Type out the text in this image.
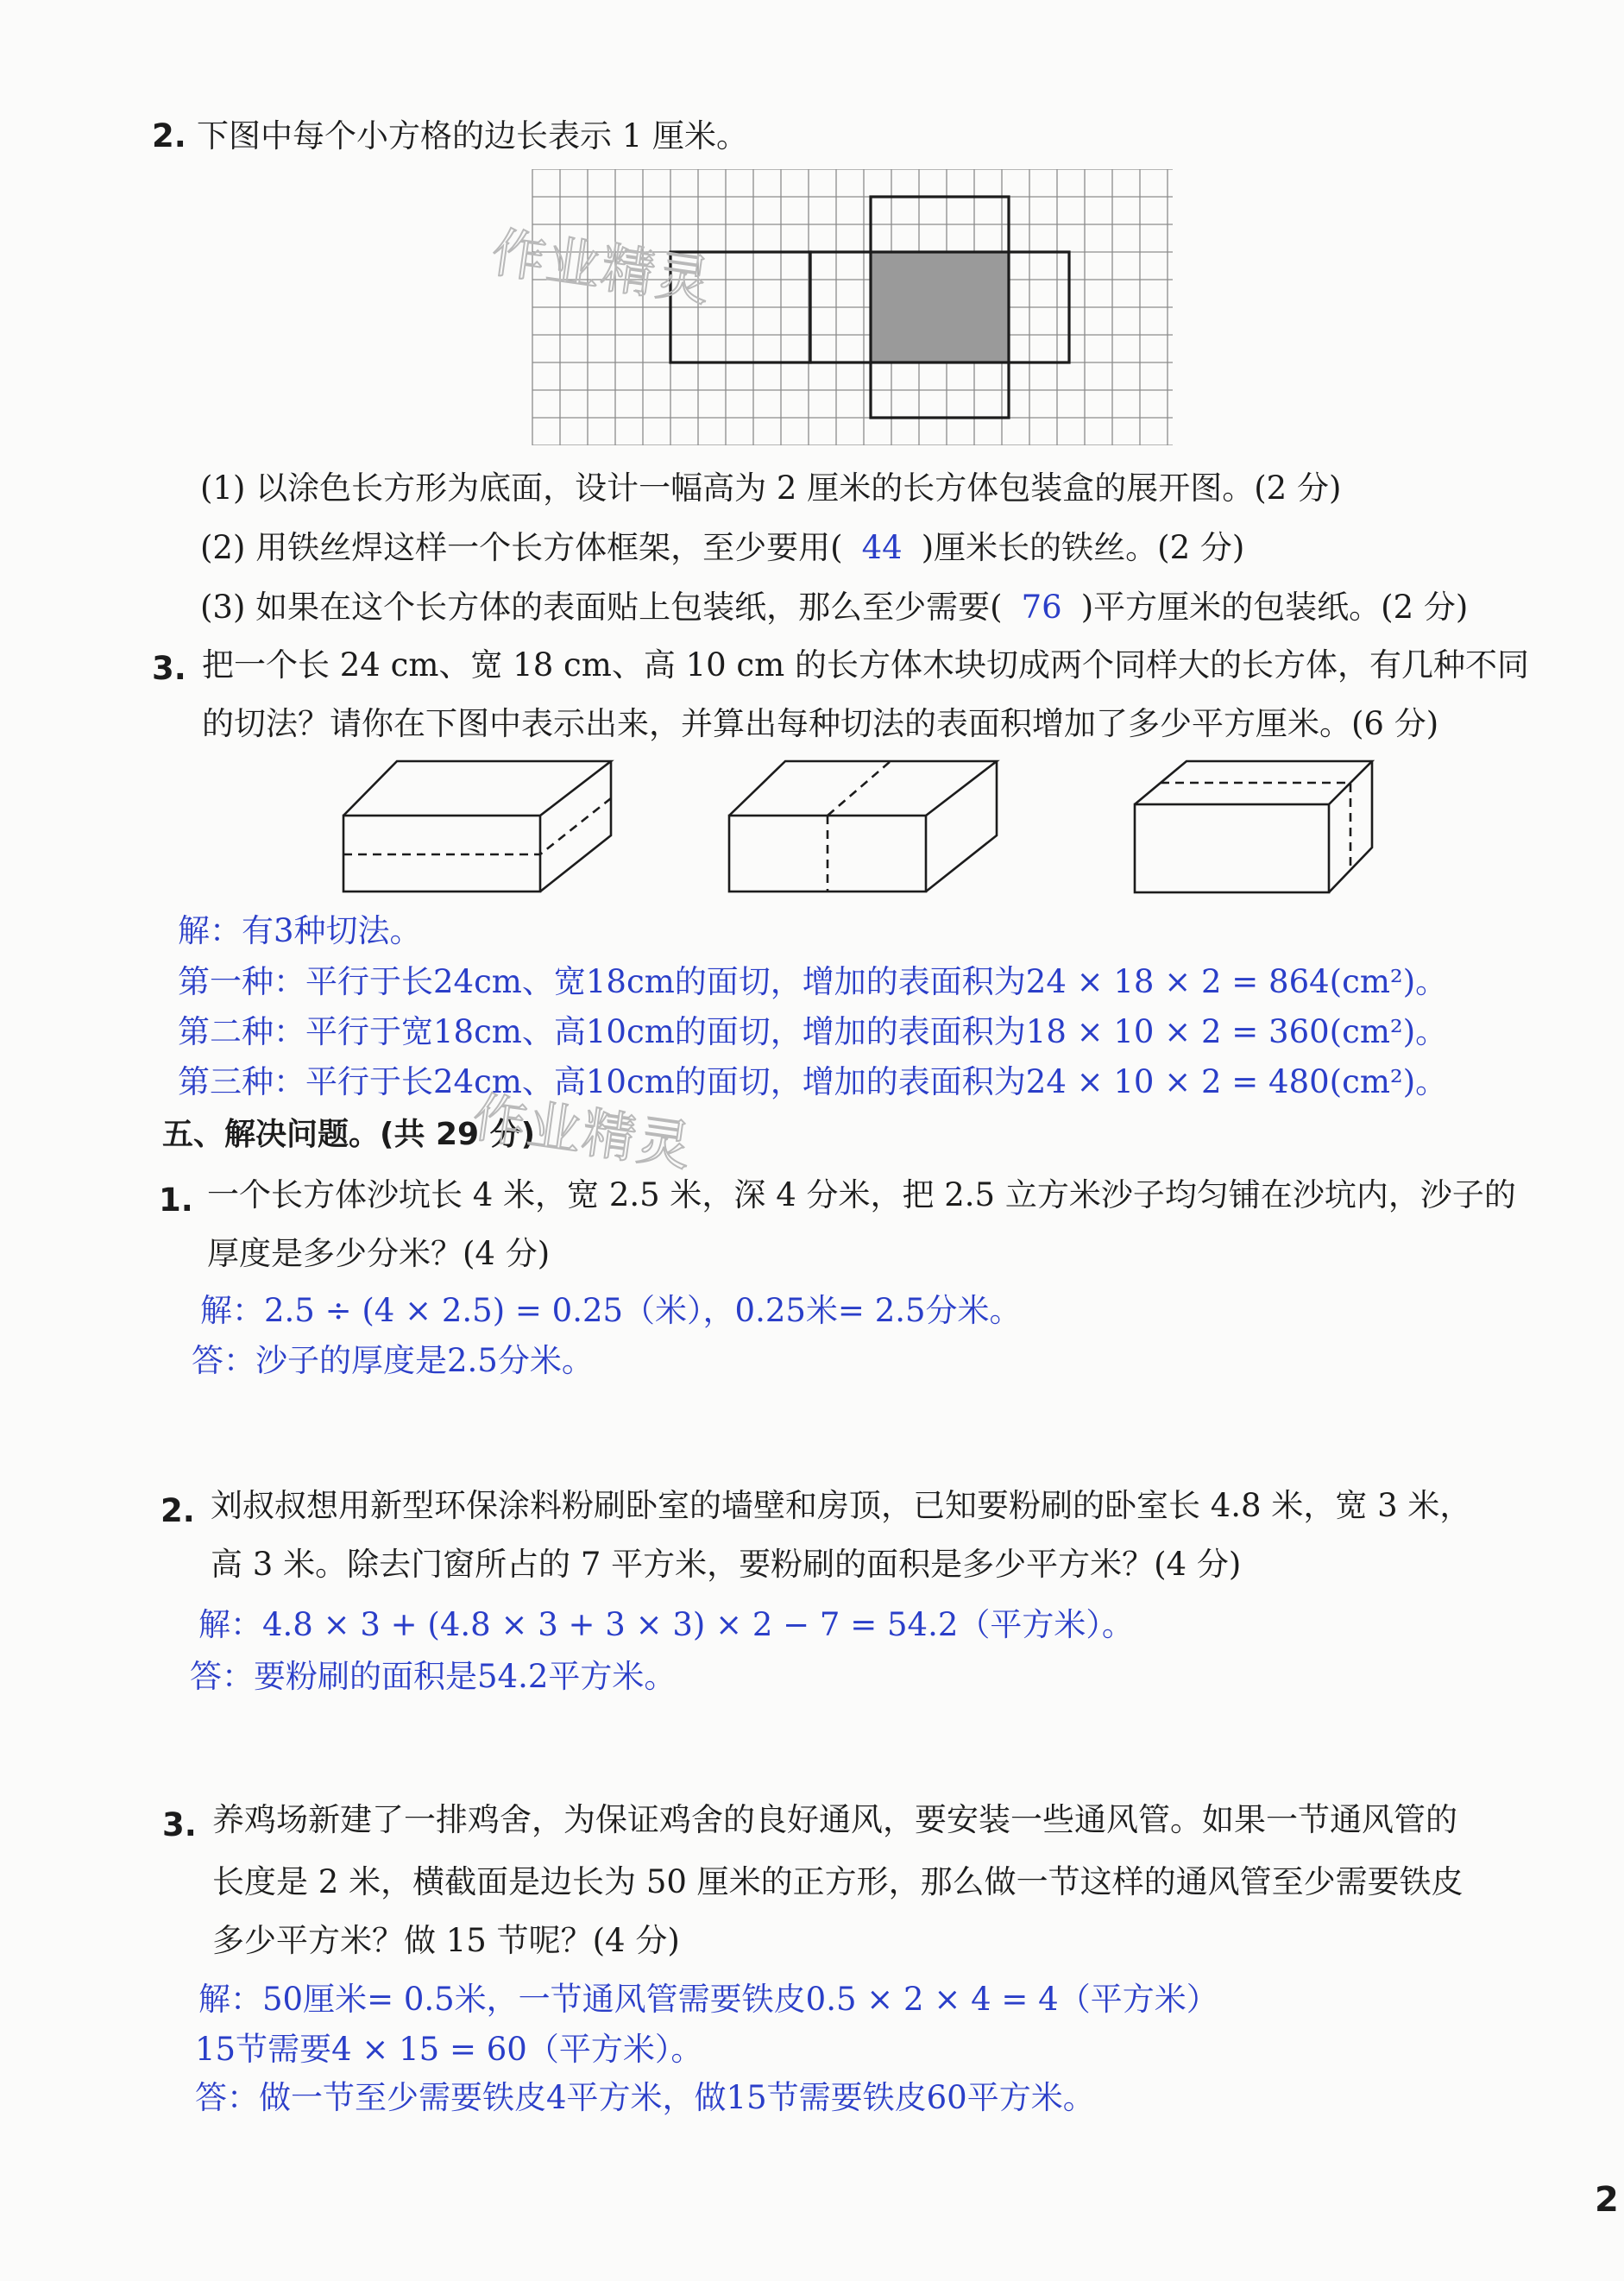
2. 下图中每个小方格的边长表示 1 厘米。
作业精灵
(1) 以涂色长方形为底面，设计一幅高为 2 厘米的长方体包装盒的展开图。(2 分)
(2) 用铁丝焊这样一个长方体框架，至少要用( 44 )厘米长的铁丝。(2 分)
(3) 如果在这个长方体的表面贴上包装纸，那么至少需要( 76 )平方厘米的包装纸。(2 分)
3. 把一个长 24 cm、宽 18 cm、高 10 cm 的长方体木块切成两个同样大的长方体，有几种不同
的切法？请你在下图中表示出来，并算出每种切法的表面积增加了多少平方厘米。(6 分)
解：有3种切法。
第一种：平行于长24cm、宽18cm的面切，增加的表面积为24 × 18 × 2 = 864(cm²)。
第二种：平行于宽18cm、高10cm的面切，增加的表面积为18 × 10 × 2 = 360(cm²)。
第三种：平行于长24cm、高10cm的面切，增加的表面积为24 × 10 × 2 = 480(cm²)。
五、解决问题。(共 29 分)
作业精灵
1. 一个长方体沙坑长 4 米，宽 2.5 米，深 4 分米，把 2.5 立方米沙子均匀铺在沙坑内，沙子的
厚度是多少分米？(4 分)
解：2.5 ÷ (4 × 2.5) = 0.25（米），0.25米= 2.5分米。
答：沙子的厚度是2.5分米。
2. 刘叔叔想用新型环保涂料粉刷卧室的墙壁和房顶，已知要粉刷的卧室长 4.8 米，宽 3 米，
高 3 米。除去门窗所占的 7 平方米，要粉刷的面积是多少平方米？(4 分)
解：4.8 × 3 + (4.8 × 3 + 3 × 3) × 2 − 7 = 54.2（平方米）。
答：要粉刷的面积是54.2平方米。
3. 养鸡场新建了一排鸡舍，为保证鸡舍的良好通风，要安装一些通风管。如果一节通风管的
长度是 2 米，横截面是边长为 50 厘米的正方形，那么做一节这样的通风管至少需要铁皮
多少平方米？做 15 节呢？(4 分)
解：50厘米= 0.5米，一节通风管需要铁皮0.5 × 2 × 4 = 4（平方米）
15节需要4 × 15 = 60（平方米）。
答：做一节至少需要铁皮4平方米，做15节需要铁皮60平方米。
2
